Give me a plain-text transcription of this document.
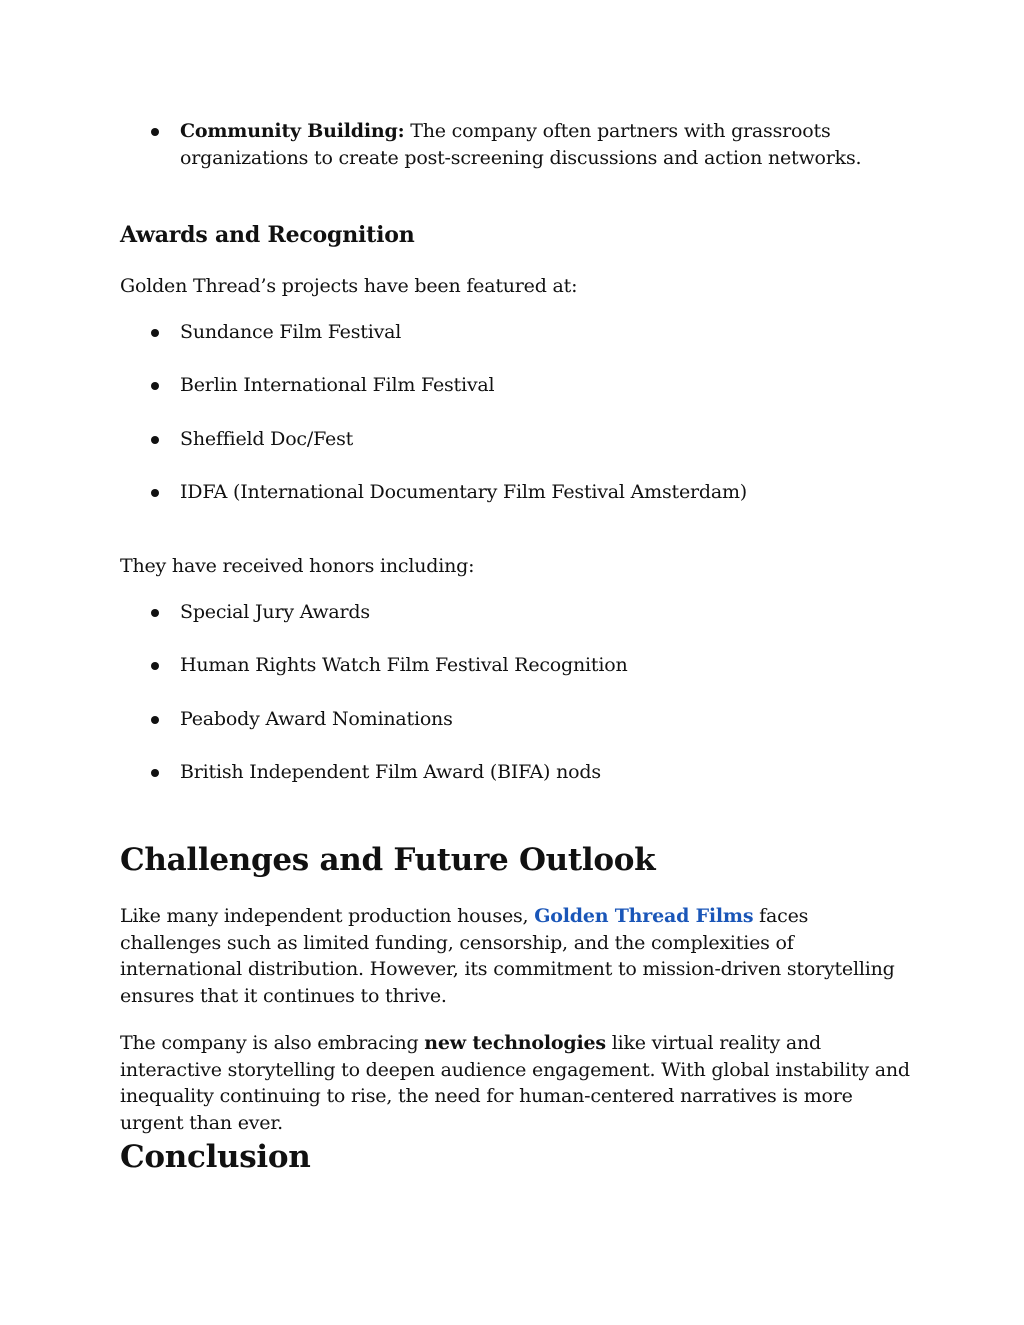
Community Building: The company often partners with grassroots organizations to create post-screening discussions and action networks.
Awards and Recognition

Golden Thread’s projects have been featured at:

Sundance Film Festival
Berlin International Film Festival
Sheffield Doc/Fest
IDFA (International Documentary Film Festival Amsterdam)

They have received honors including:

Special Jury Awards
Human Rights Watch Film Festival Recognition
Peabody Award Nominations
British Independent Film Award (BIFA) nods
Challenges and Future Outlook

Like many independent production houses, Golden Thread Films faces challenges such as limited funding, censorship, and the complexities of international distribution. However, its commitment to mission-driven storytelling ensures that it continues to thrive.

The company is also embracing new technologies like virtual reality and interactive storytelling to deepen audience engagement. With global instability and inequality continuing to rise, the need for human-centered narratives is more urgent than ever.

Conclusion
